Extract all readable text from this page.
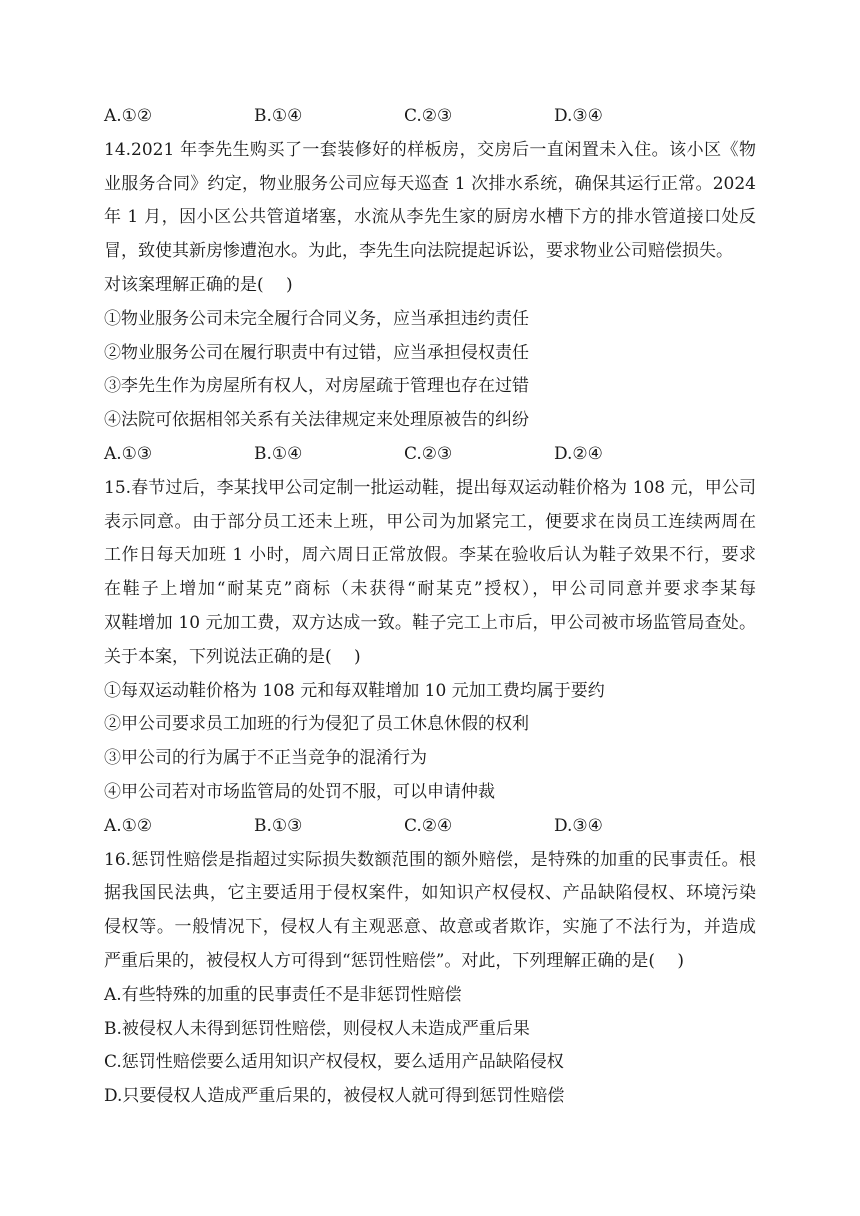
A.①②	B.①④	C.②③	D.③④
14.2021 年李先生购买了一套装修好的样板房，交房后一直闲置未入住。该小区《物
业服务合同》约定，物业服务公司应每天巡查 1 次排水系统，确保其运行正常。2024
年 1 月，因小区公共管道堵塞，水流从李先生家的厨房水槽下方的排水管道接口处反
冒，致使其新房惨遭泡水。为此，李先生向法院提起诉讼，要求物业公司赔偿损失。
对该案理解正确的是(　 )
①物业服务公司未完全履行合同义务，应当承担违约责任
②物业服务公司在履行职责中有过错，应当承担侵权责任
③李先生作为房屋所有权人，对房屋疏于管理也存在过错
④法院可依据相邻关系有关法律规定来处理原被告的纠纷
A.①③	B.①④	C.②③	D.②④
15.春节过后，李某找甲公司定制一批运动鞋，提出每双运动鞋价格为 108 元，甲公司
表示同意。由于部分员工还未上班，甲公司为加紧完工，便要求在岗员工连续两周在
工作日每天加班 1 小时，周六周日正常放假。李某在验收后认为鞋子效果不行，要求
在鞋子上增加“耐某克”商标（未获得“耐某克”授权），甲公司同意并要求李某每
双鞋增加 10 元加工费，双方达成一致。鞋子完工上市后，甲公司被市场监管局查处。
关于本案，下列说法正确的是(　 )
①每双运动鞋价格为 108 元和每双鞋增加 10 元加工费均属于要约
②甲公司要求员工加班的行为侵犯了员工休息休假的权利
③甲公司的行为属于不正当竞争的混淆行为
④甲公司若对市场监管局的处罚不服，可以申请仲裁
A.①②	B.①③	C.②④	D.③④
16.惩罚性赔偿是指超过实际损失数额范围的额外赔偿，是特殊的加重的民事责任。根
据我国民法典，它主要适用于侵权案件，如知识产权侵权、产品缺陷侵权、环境污染
侵权等。一般情况下，侵权人有主观恶意、故意或者欺诈，实施了不法行为，并造成
严重后果的，被侵权人方可得到“惩罚性赔偿”。对此，下列理解正确的是(　 )
A.有些特殊的加重的民事责任不是非惩罚性赔偿
B.被侵权人未得到惩罚性赔偿，则侵权人未造成严重后果
C.惩罚性赔偿要么适用知识产权侵权，要么适用产品缺陷侵权
D.只要侵权人造成严重后果的，被侵权人就可得到惩罚性赔偿
